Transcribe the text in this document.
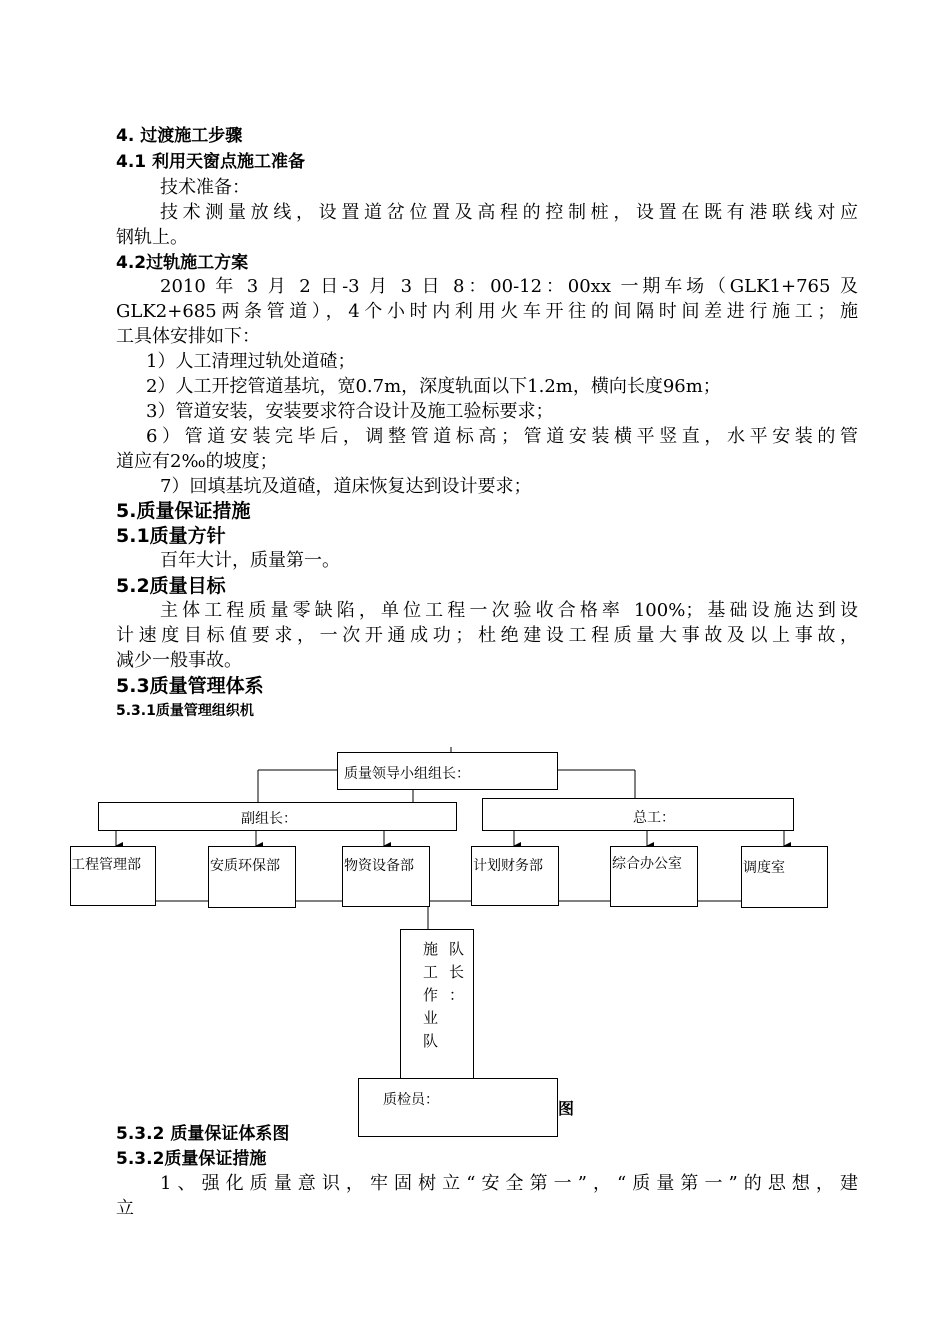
4. 过渡施工步骤
4.1 利用天窗点施工准备
技术准备：
技术测量放线，设置道岔位置及高程的控制桩，设置在既有港联线对应
钢轨上。
4.2过轨施工方案
2010 年 3 月 2 日-3 月 3 日 8：00-12：00xx 一期车场（GLK1+765 及
GLK2+685两条管道），4个小时内利用火车开往的间隔时间差进行施工；施
工具体安排如下：
1）人工清理过轨处道碴；
2）人工开挖管道基坑，宽0.7m，深度轨面以下1.2m，横向长度96m；
3）管道安装，安装要求符合设计及施工验标要求；
6）管道安装完毕后，调整管道标高；管道安装横平竖直，水平安装的管
道应有2‰的坡度；
7）回填基坑及道碴，道床恢复达到设计要求；
5.质量保证措施
5.1质量方针
百年大计，质量第一。
5.2质量目标
主体工程质量零缺陷，单位工程一次验收合格率 100%；基础设施达到设
计速度目标值要求，一次开通成功；杜绝建设工程质量大事故及以上事故，
减少一般事故。
5.3质量管理体系
5.3.1质量管理组织机
质量领导小组组长：
副组长：	总工：
工程管理部	安质环保部	物资设备部	计划财务部	综合办公室	调度室
施
工
作
业
队
队
长
：
质检员：	图
5.3.2 质量保证体系图
5.3.2质量保证措施
1、强化质量意识，牢固树立“安全第一”，“质量第一”的思想，建
立
